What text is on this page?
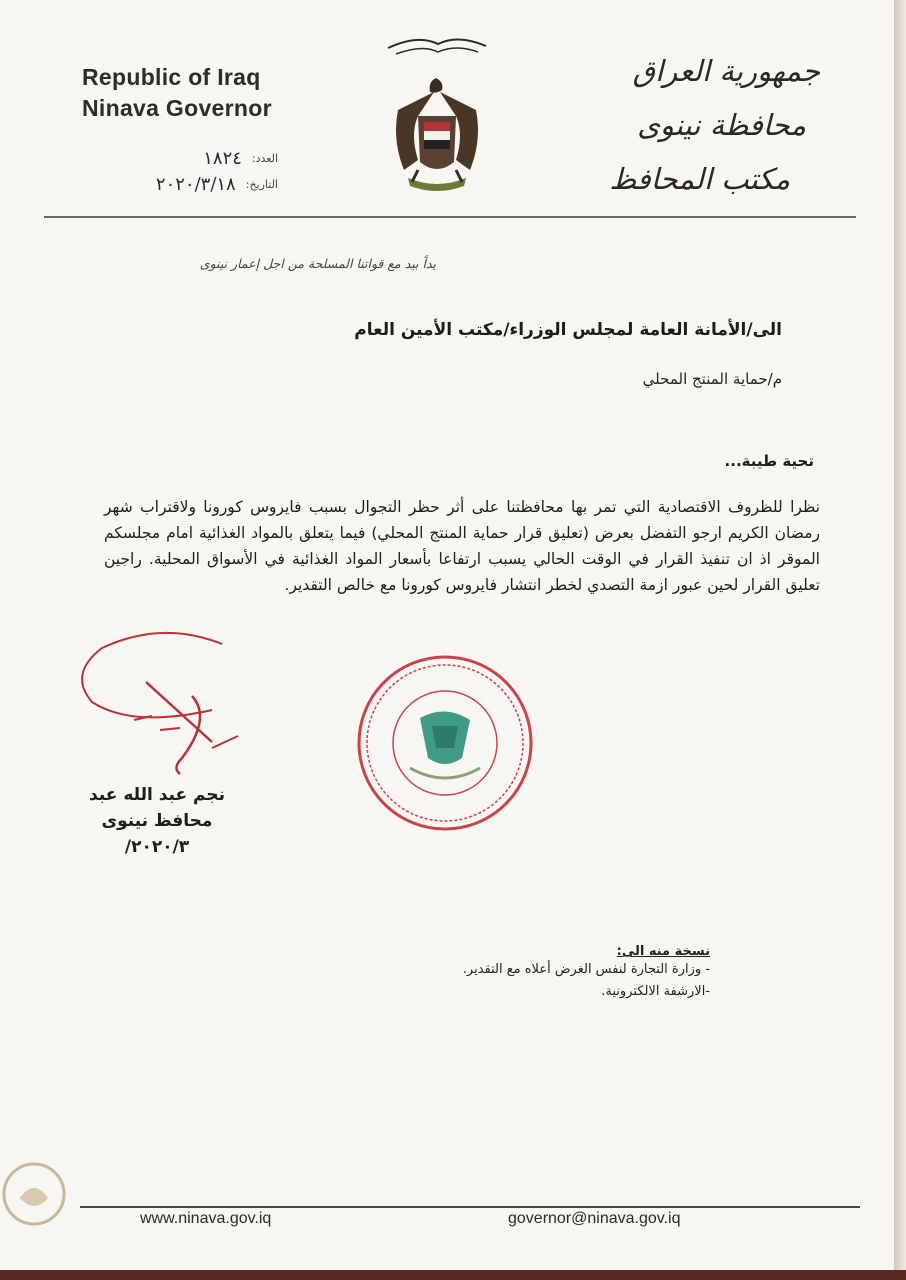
Republic of Iraq
Ninava Governor
العدد:
١٨٢٤
التاريخ:
٢٠٢٠/٣/١٨
جمهورية العراق
محافظة نينوى
مكتب المحافظ
يداً بيد مع قواتنا المسلحة من اجل إعمار نينوى
الى/الأمانة العامة لمجلس الوزراء/مكتب الأمين العام
م/حماية المنتج المحلي
تحية طيبة...
نظرا للظروف الاقتصادية التي تمر بها محافظتنا على أثر حظر التجوال بسبب فايروس كورونا ولاقتراب شهر رمضان الكريم ارجو التفضل بعرض (تعليق قرار حماية المنتج المحلي) فيما يتعلق بالمواد الغذائية امام مجلسكم الموقر اذ ان تنفيذ القرار في الوقت الحالي يسبب ارتفاعا بأسعار المواد الغذائية في الأسواق المحلية. راجين تعليق القرار لحين عبور ازمة التصدي لخطر انتشار فايروس كورونا مع خالص التقدير.
نجم عبد الله عبد
محافظ نينوى
٢٠٢٠/٣/
نسخة منه الى:
- وزارة التجارة لنفس الغرض أعلاه مع التقدير.
-الارشفة الالكترونية.
www.ninava.gov.iq	governor@ninava.gov.iq
